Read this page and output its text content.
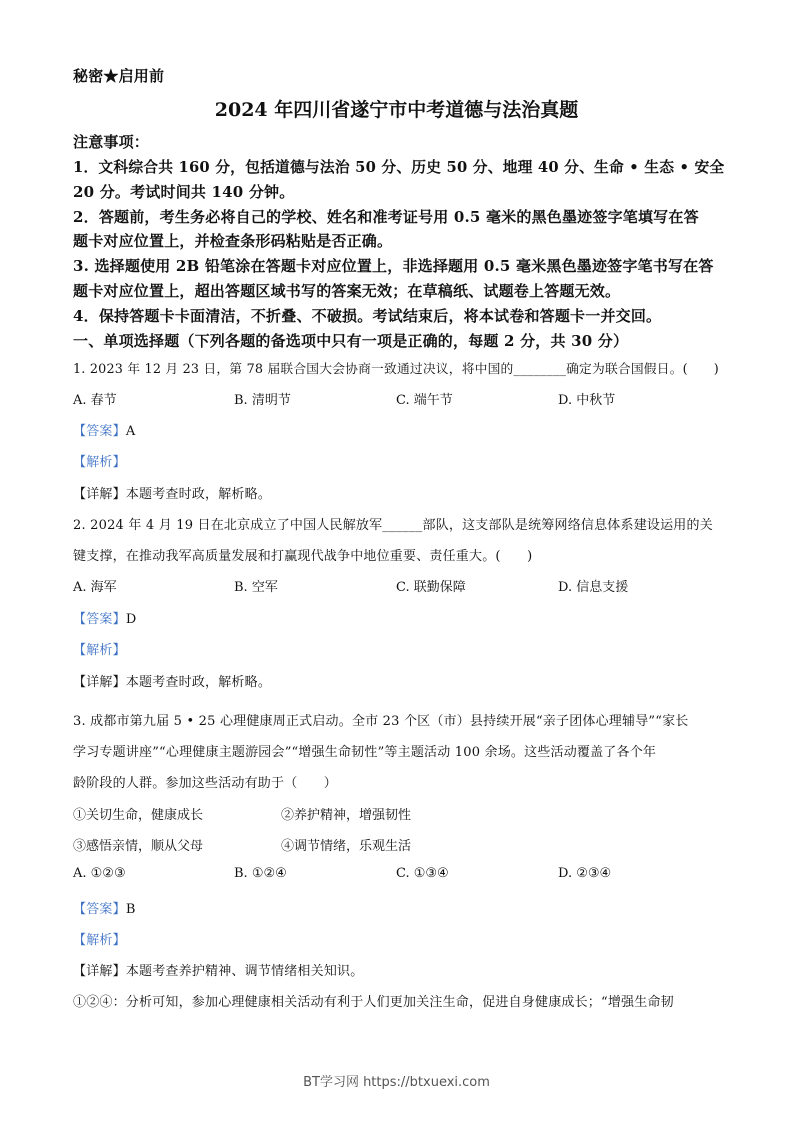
秘密★启用前
2024 年四川省遂宁市中考道德与法治真题
注意事项：
1．文科综合共 160 分，包括道德与法治 50 分、历史 50 分、地理 40 分、生命 • 生态 • 安全
20 分。考试时间共 140 分钟。
2．答题前，考生务必将自己的学校、姓名和准考证号用 0.5 毫米的黑色墨迹签字笔填写在答
题卡对应位置上，并检查条形码粘贴是否正确。
3. 选择题使用 2B 铅笔涂在答题卡对应位置上，非选择题用 0.5 毫米黑色墨迹签字笔书写在答
题卡对应位置上，超出答题区域书写的答案无效；在草稿纸、试题卷上答题无效。
4．保持答题卡卡面清洁，不折叠、不破损。考试结束后，将本试卷和答题卡一并交回。
一、单项选择题（下列各题的备选项中只有一项是正确的，每题 2 分，共 30 分）
1. 2023 年 12 月 23 日，第 78 届联合国大会协商一致通过决议，将中国的________确定为联合国假日。(　　)
A. 春节	B. 清明节	C. 端午节	D. 中秋节
【答案】A
【解析】
【详解】本题考查时政，解析略。
2. 2024 年 4 月 19 日在北京成立了中国人民解放军______部队，这支部队是统筹网络信息体系建设运用的关
键支撑，在推动我军高质量发展和打赢现代战争中地位重要、责任重大。(　　)
A. 海军	B. 空军	C. 联勤保障	D. 信息支援
【答案】D
【解析】
【详解】本题考查时政，解析略。
3. 成都市第九届 5 • 25 心理健康周正式启动。全市 23 个区（市）县持续开展“亲子团体心理辅导”“家长
学习专题讲座”“心理健康主题游园会”“增强生命韧性”等主题活动 100 余场。这些活动覆盖了各个年
龄阶段的人群。参加这些活动有助于（　　）
①关切生命，健康成长	②养护精神，增强韧性
③感悟亲情，顺从父母	④调节情绪，乐观生活
A. ①②③	B. ①②④	C. ①③④	D. ②③④
【答案】B
【解析】
【详解】本题考查养护精神、调节情绪相关知识。
①②④：分析可知，参加心理健康相关活动有利于人们更加关注生命，促进自身健康成长；“增强生命韧
BT学习网 https://btxuexi.com
